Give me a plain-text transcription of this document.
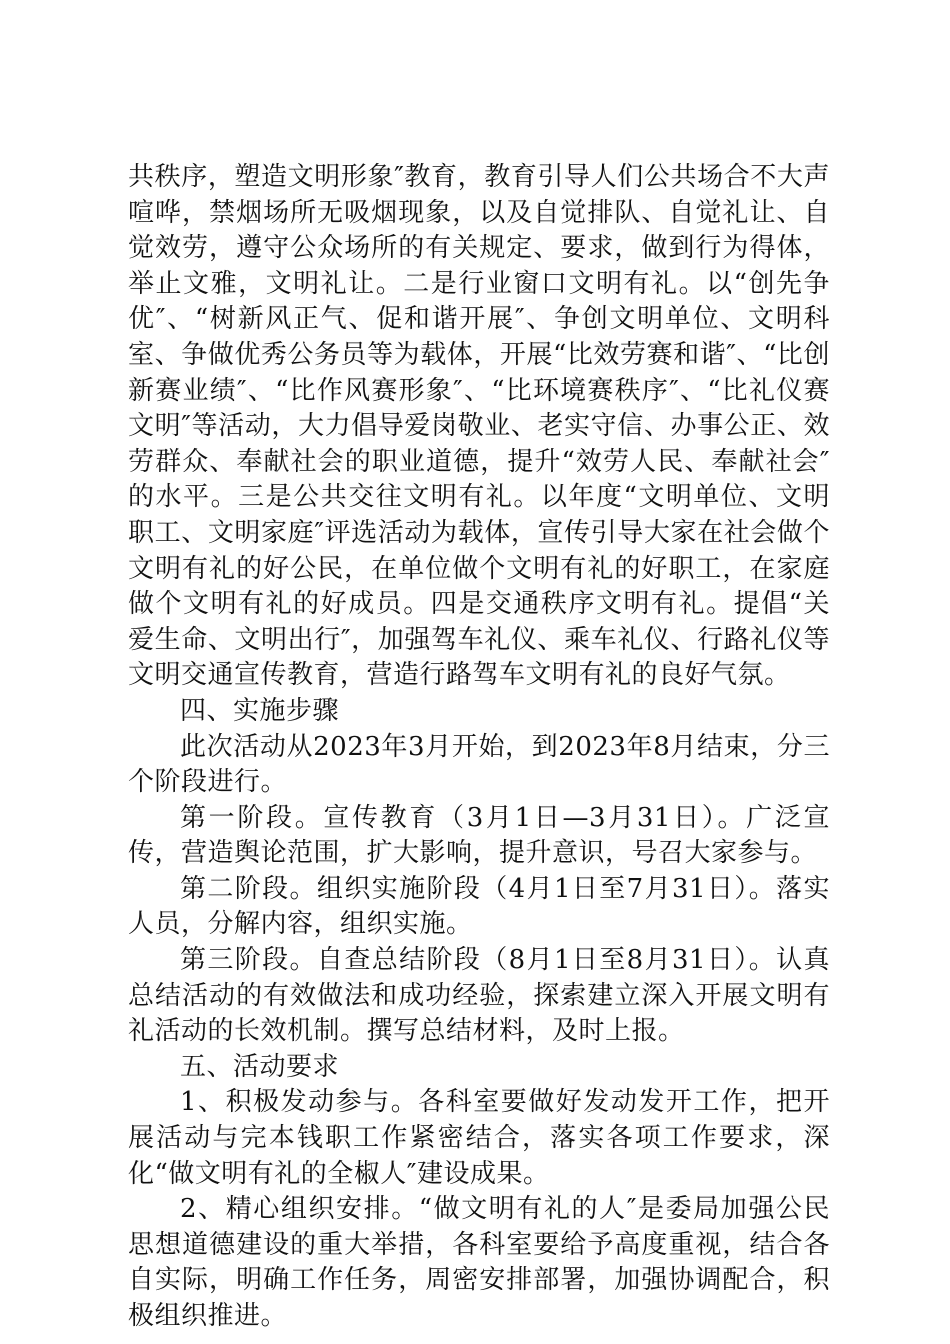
共秩序，塑造文明形象″教育，教育引导人们公共场合不大声喧哗，禁烟场所无吸烟现象，以及自觉排队、自觉礼让、自觉效劳，遵守公众场所的有关规定、要求，做到行为得体，举止文雅，文明礼让。二是行业窗口文明有礼。以“创先争优″、“树新风正气、促和谐开展″、争创文明单位、文明科室、争做优秀公务员等为载体，开展“比效劳赛和谐″、“比创新赛业绩″、“比作风赛形象″、“比环境赛秩序″、“比礼仪赛文明″等活动，大力倡导爱岗敬业、老实守信、办事公正、效劳群众、奉献社会的职业道德，提升“效劳人民、奉献社会″的水平。三是公共交往文明有礼。以年度“文明单位、文明职工、文明家庭″评选活动为载体，宣传引导大家在社会做个文明有礼的好公民，在单位做个文明有礼的好职工，在家庭做个文明有礼的好成员。四是交通秩序文明有礼。提倡“关爱生命、文明出行″，加强驾车礼仪、乘车礼仪、行路礼仪等文明交通宣传教育，营造行路驾车文明有礼的良好气氛。

四、实施步骤

此次活动从2023年3月开始，到2023年8月结束，分三个阶段进行。

第一阶段。宣传教育（3月1日—3月31日）。广泛宣传，营造舆论范围，扩大影响，提升意识，号召大家参与。

第二阶段。组织实施阶段（4月1日至7月31日）。落实人员，分解内容，组织实施。

第三阶段。自查总结阶段（8月1日至8月31日）。认真总结活动的有效做法和成功经验，探索建立深入开展文明有礼活动的长效机制。撰写总结材料，及时上报。

五、活动要求

1、积极发动参与。各科室要做好发动发开工作，把开展活动与完本钱职工作紧密结合，落实各项工作要求，深化“做文明有礼的全椒人″建设成果。

2、精心组织安排。“做文明有礼的人″是委局加强公民思想道德建设的重大举措，各科室要给予高度重视，结合各自实际，明确工作任务，周密安排部署，加强协调配合，积极组织推进。
